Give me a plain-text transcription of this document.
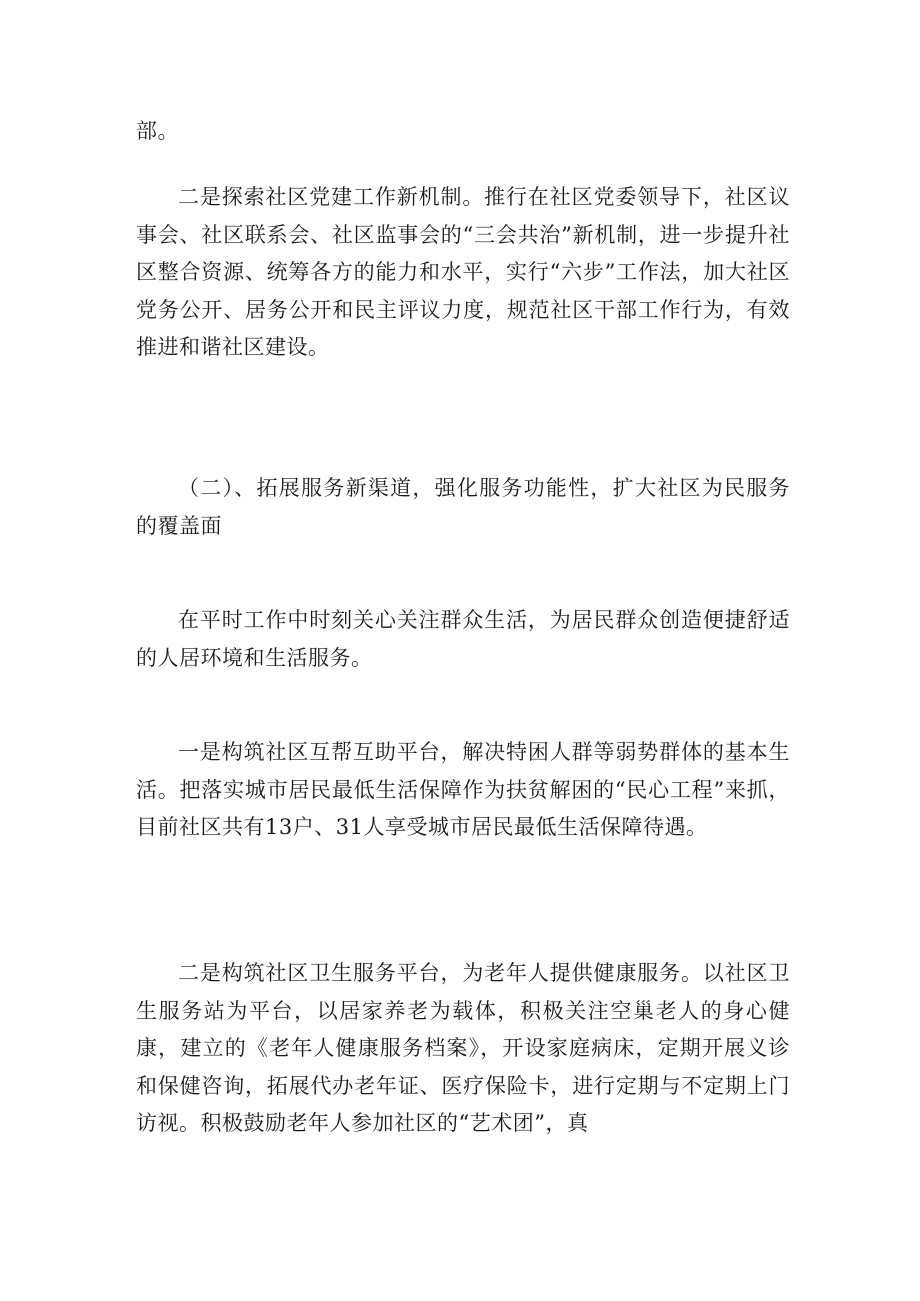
部。

二是探索社区党建工作新机制。推行在社区党委领导下，社区议事会、社区联系会、社区监事会的“三会共治”新机制，进一步提升社区整合资源、统筹各方的能力和水平，实行“六步”工作法，加大社区党务公开、居务公开和民主评议力度，规范社区干部工作行为，有效推进和谐社区建设。

（二）、拓展服务新渠道，强化服务功能性，扩大社区为民服务的覆盖面

在平时工作中时刻关心关注群众生活，为居民群众创造便捷舒适的人居环境和生活服务。

一是构筑社区互帮互助平台，解决特困人群等弱势群体的基本生活。把落实城市居民最低生活保障作为扶贫解困的“民心工程”来抓，目前社区共有13户、31人享受城市居民最低生活保障待遇。

二是构筑社区卫生服务平台，为老年人提供健康服务。以社区卫生服务站为平台，以居家养老为载体，积极关注空巢老人的身心健康，建立的《老年人健康服务档案》，开设家庭病床，定期开展义诊和保健咨询，拓展代办老年证、医疗保险卡，进行定期与不定期上门访视。积极鼓励老年人参加社区的“艺术团”，真
